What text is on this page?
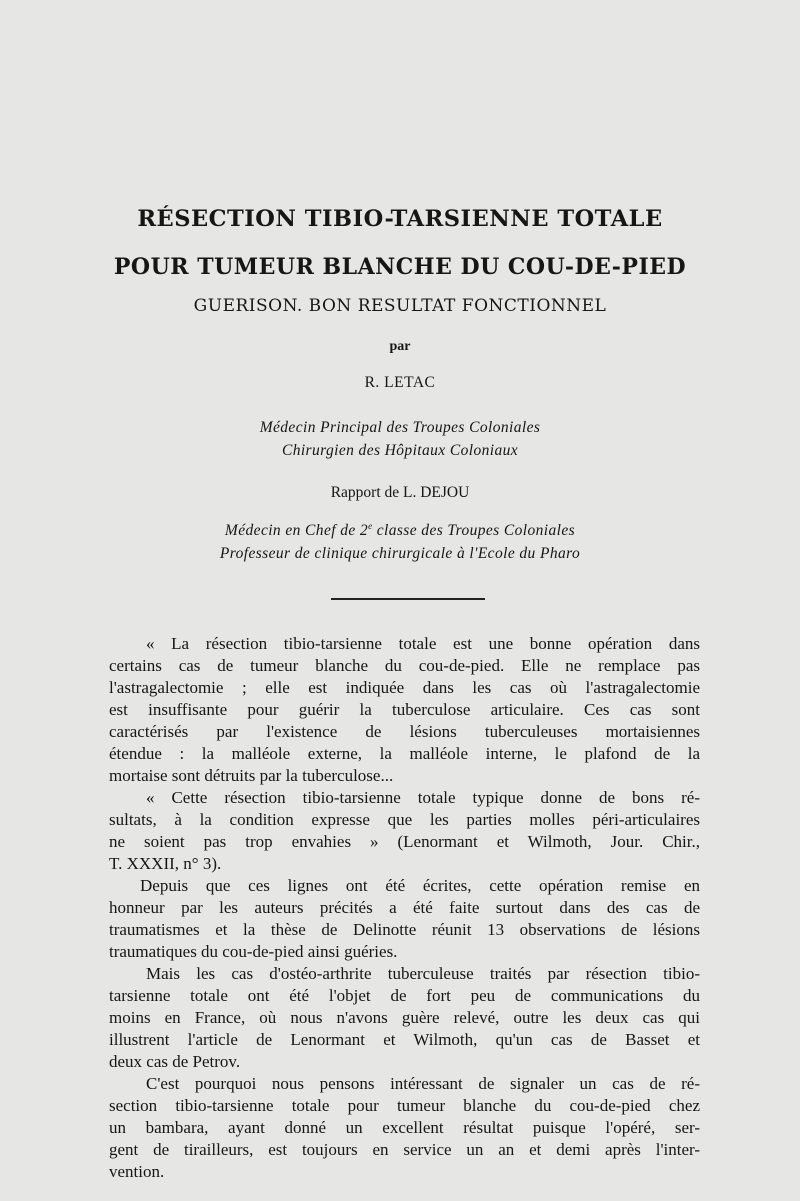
RÉSECTION TIBIO-TARSIENNE TOTALE
POUR TUMEUR BLANCHE DU COU-DE-PIED
GUERISON. BON RESULTAT FONCTIONNEL
par
R. LETAC
Médecin Principal des Troupes Coloniales
Chirurgien des Hôpitaux Coloniaux
Rapport de L. DEJOU
Médecin en Chef de 2e classe des Troupes Coloniales
Professeur de clinique chirurgicale à l'Ecole du Pharo
« La résection tibio-tarsienne totale est une bonne opération dans
certains cas de tumeur blanche du cou-de-pied. Elle ne remplace pas
l'astragalectomie ; elle est indiquée dans les cas où l'astragalectomie
est insuffisante pour guérir la tuberculose articulaire. Ces cas sont
caractérisés par l'existence de lésions tuberculeuses mortaisiennes
étendue : la malléole externe, la malléole interne, le plafond de la
mortaise sont détruits par la tuberculose...
« Cette résection tibio-tarsienne totale typique donne de bons ré-
sultats, à la condition expresse que les parties molles péri-articulaires
ne soient pas trop envahies » (Lenormant et Wilmoth, Jour. Chir.,
T. XXXII, n° 3).
Depuis que ces lignes ont été écrites, cette opération remise en
honneur par les auteurs précités a été faite surtout dans des cas de
traumatismes et la thèse de Delinotte réunit 13 observations de lésions
traumatiques du cou-de-pied ainsi guéries.
Mais les cas d'ostéo-arthrite tuberculeuse traités par résection tibio-
tarsienne totale ont été l'objet de fort peu de communications du
moins en France, où nous n'avons guère relevé, outre les deux cas qui
illustrent l'article de Lenormant et Wilmoth, qu'un cas de Basset et
deux cas de Petrov.
C'est pourquoi nous pensons intéressant de signaler un cas de ré-
section tibio-tarsienne totale pour tumeur blanche du cou-de-pied chez
un bambara, ayant donné un excellent résultat puisque l'opéré, ser-
gent de tirailleurs, est toujours en service un an et demi après l'inter-
vention.
